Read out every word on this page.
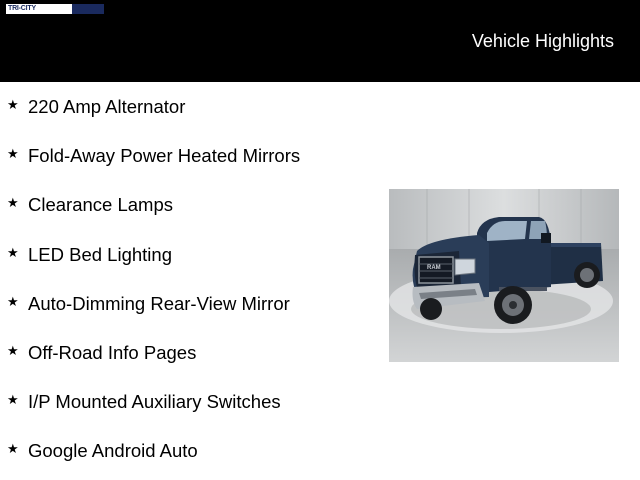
TRI-CITY
Vehicle Highlights
★ 220 Amp Alternator
★ Fold-Away Power Heated Mirrors
★ Clearance Lamps
★ LED Bed Lighting
★ Auto-Dimming Rear-View Mirror
★ Off-Road Info Pages
★ I/P Mounted Auxiliary Switches
★ Google Android Auto
RAM
